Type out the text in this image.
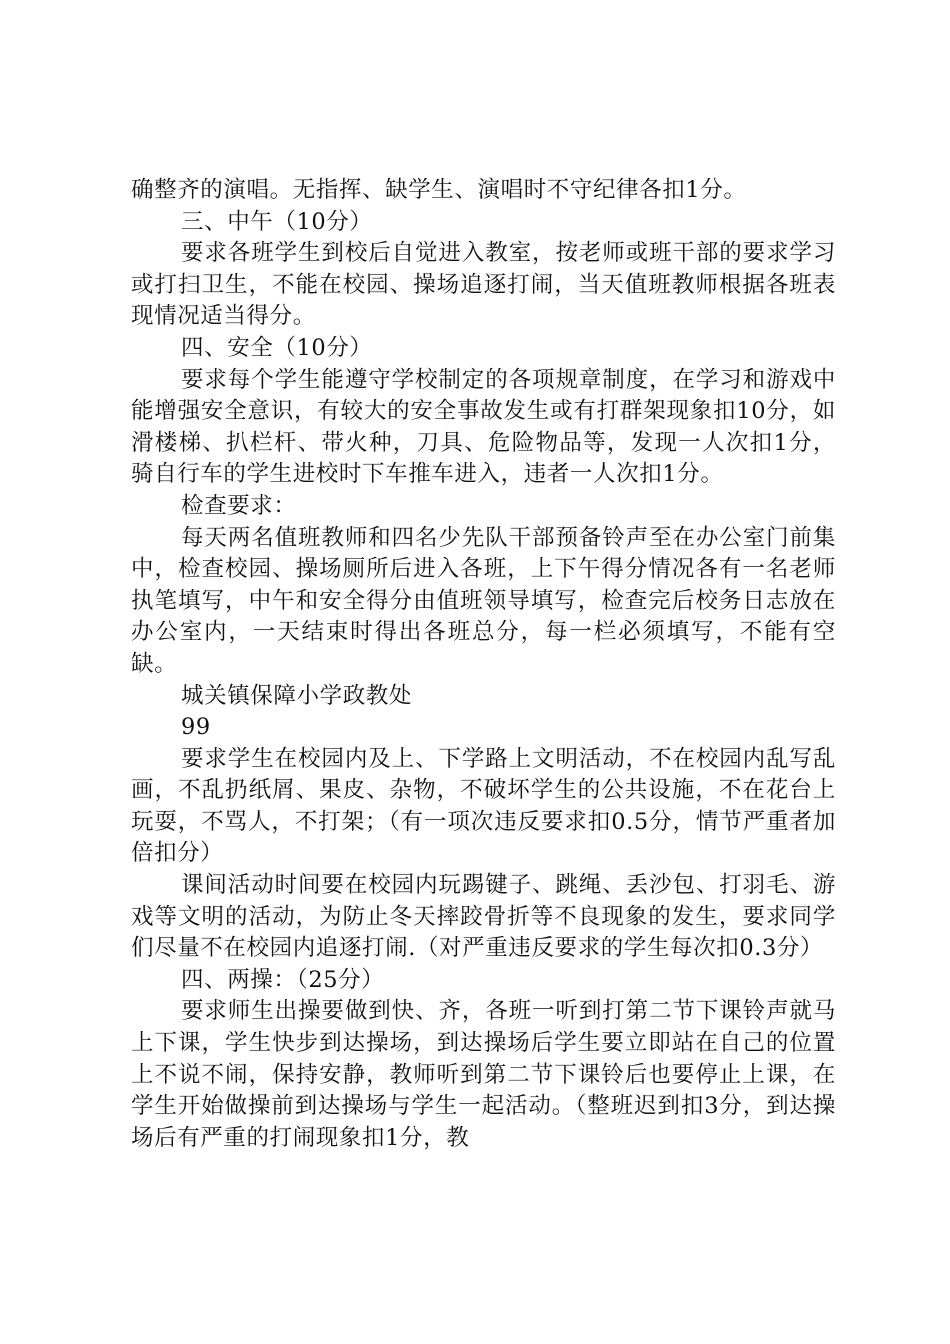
确整齐的演唱。无指挥、缺学生、演唱时不守纪律各扣1分。

三、中午（10分）

要求各班学生到校后自觉进入教室，按老师或班干部的要求学习或打扫卫生，不能在校园、操场追逐打闹，当天值班教师根据各班表现情况适当得分。

四、安全（10分）

要求每个学生能遵守学校制定的各项规章制度，在学习和游戏中能增强安全意识，有较大的安全事故发生或有打群架现象扣10分，如滑楼梯、扒栏杆、带火种，刀具、危险物品等，发现一人次扣1分，骑自行车的学生进校时下车推车进入，违者一人次扣1分。

检查要求：

每天两名值班教师和四名少先队干部预备铃声至在办公室门前集中，检查校园、操场厕所后进入各班，上下午得分情况各有一名老师执笔填写，中午和安全得分由值班领导填写，检查完后校务日志放在办公室内，一天结束时得出各班总分，每一栏必须填写，不能有空缺。

城关镇保障小学政教处

99

要求学生在校园内及上、下学路上文明活动，不在校园内乱写乱画，不乱扔纸屑、果皮、杂物，不破坏学生的公共设施，不在花台上玩耍，不骂人，不打架；（有一项次违反要求扣0.5分，情节严重者加倍扣分）

课间活动时间要在校园内玩踢键子、跳绳、丢沙包、打羽毛、游戏等文明的活动，为防止冬天摔跤骨折等不良现象的发生，要求同学们尽量不在校园内追逐打闹.（对严重违反要求的学生每次扣0.3分）

四、两操：（25分）

要求师生出操要做到快、齐，各班一听到打第二节下课铃声就马上下课，学生快步到达操场，到达操场后学生要立即站在自己的位置上不说不闹，保持安静，教师听到第二节下课铃后也要停止上课，在学生开始做操前到达操场与学生一起活动。（整班迟到扣3分，到达操场后有严重的打闹现象扣1分，教
